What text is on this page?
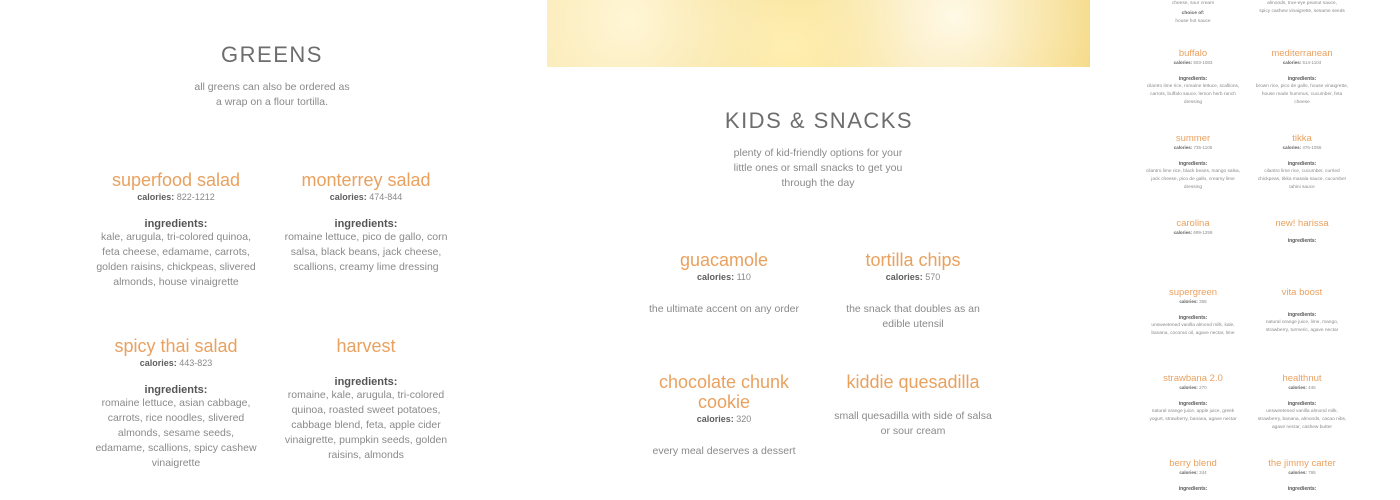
GREENS
all greens can also be ordered as a wrap on a flour tortilla.
superfood salad
calories: 822-1212
ingredients:
kale, arugula, tri-colored quinoa, feta cheese, edamame, carrots, golden raisins, chickpeas, slivered almonds, house vinaigrette
monterrey salad
calories: 474-844
ingredients:
romaine lettuce, pico de gallo, corn salsa, black beans, jack cheese, scallions, creamy lime dressing
spicy thai salad
calories: 443-823
ingredients:
romaine lettuce, asian cabbage, carrots, rice noodles, slivered almonds, sesame seeds, edamame, scallions, spicy cashew vinaigrette
harvest
ingredients:
romaine, kale, arugula, tri-colored quinoa, roasted sweet potatoes, cabbage blend, feta, apple cider vinaigrette, pumpkin seeds, golden raisins, almonds
KIDS & SNACKS
plenty of kid-friendly options for your little ones or small snacks to get you through the day
guacamole
calories: 110
the ultimate accent on any order
tortilla chips
calories: 570
the snack that doubles as an edible utensil
chocolate chunk cookie
calories: 320
every meal deserves a dessert
kiddie quesadilla
small quesadilla with side of salsa or sour cream
cheese, sour cream
choice of:
house hot sauce
almonds, true-eye peanut sauce,
spicy cashew vinaigrette, sesame seeds
buffalo
calories: 503-1083
ingredients:
cilantro lime rice, romaine lettuce, scallions, carrots, buffalo sauce, lemon herb ranch dressing
mediterranean
calories: 514-1104
ingredients:
brown rice, pico de gallo, house vinaigrette, house made hummus, cucumber, feta cheese
summer
calories: 735-1105
ingredients:
cilantro lime rice, black beans, mango salsa, jack cheese, pico de gallo, creamy lime dressing
tikka
calories: 476-1056
ingredients:
cilantro lime rice, cucumber, curried chickpeas, tikka masala sauce, cucumber tahini sauce
carolina
calories: 699-1259
new! harissa
ingredients:
supergreen
calories: 358
ingredients:
unsweetened vanilla almond milk, kale, banana, coconut oil, agave nectar, lime
vita boost
ingredients:
natural orange juice, lime, mango, strawberry, turmeric, agave nectar
strawbana 2.0
calories: 270
ingredients:
natural orange juice, apple juice, greek yogurt, strawberry, banana, agave nectar
healthnut
calories: 445
ingredients:
unsweetened vanilla almond milk, strawberry, banana, almonds, cacao nibs, agave nectar, cashew butter
berry blend
calories: 344
ingredients:
the jimmy carter
calories: 795
ingredients:
